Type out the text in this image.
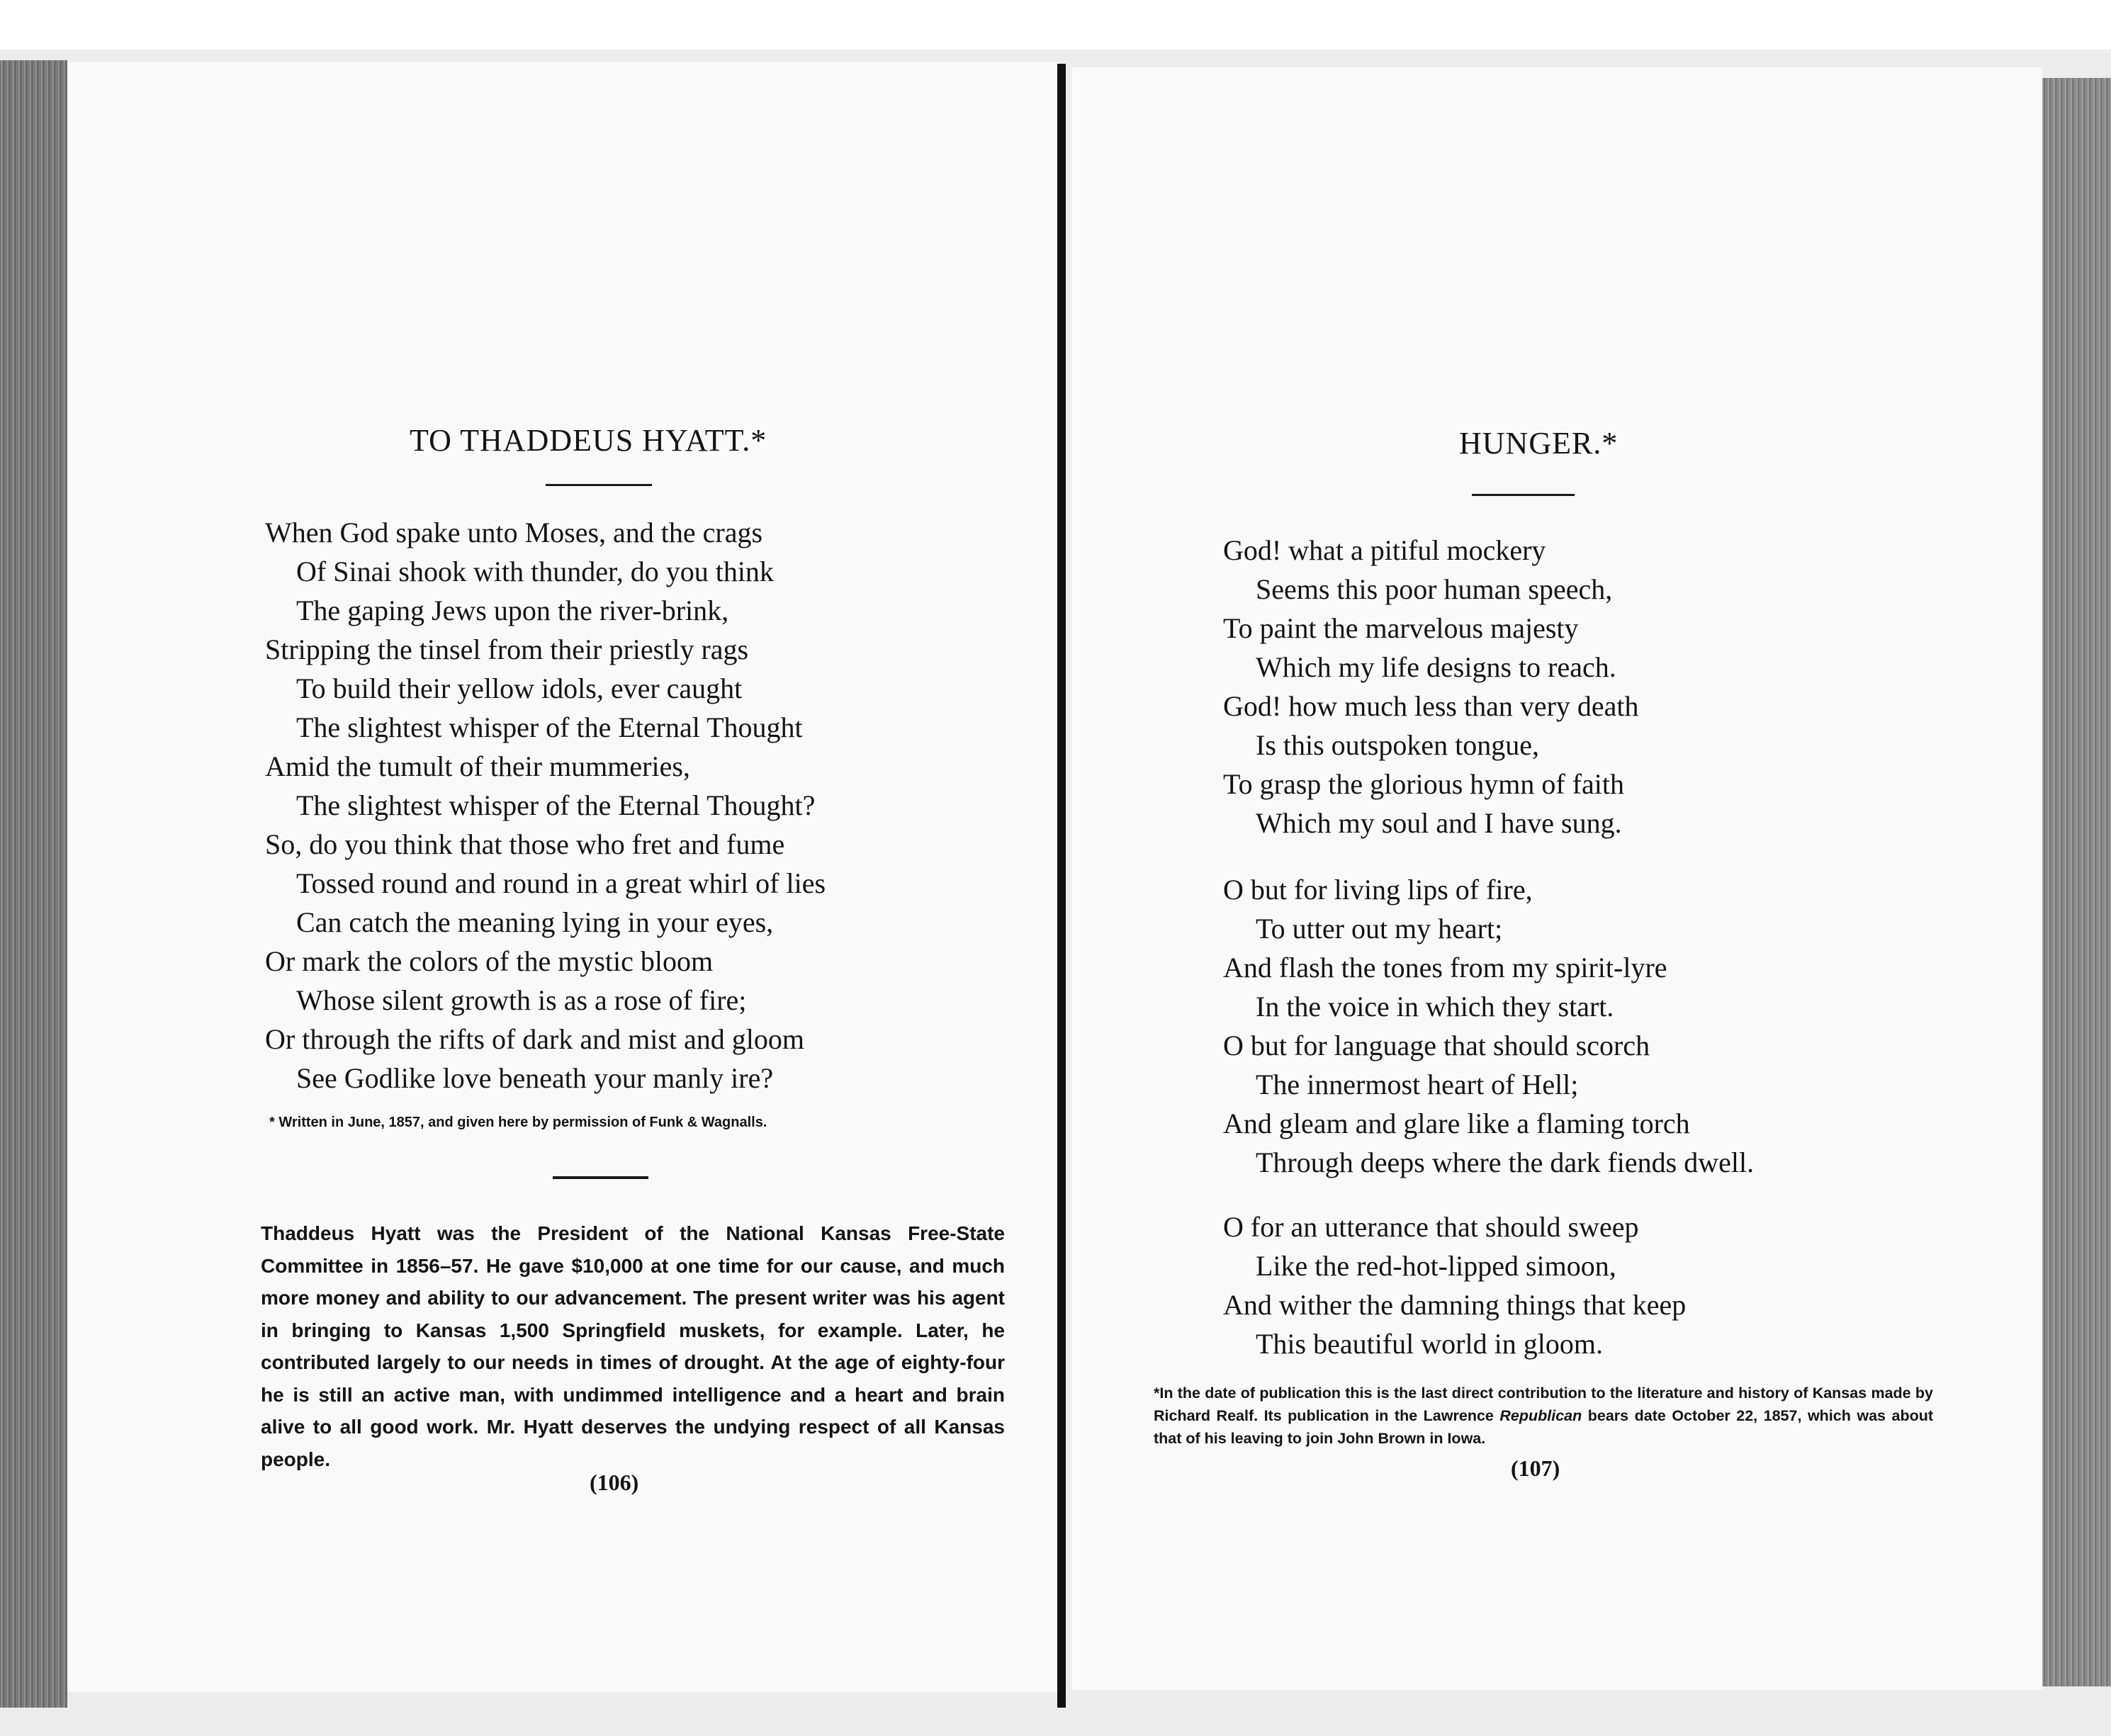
TO THADDEUS HYATT.*

When God spake unto Moses, and the crags

Of Sinai shook with thunder, do you think

The gaping Jews upon the river-brink,

Stripping the tinsel from their priestly rags

To build their yellow idols, ever caught

The slightest whisper of the Eternal Thought

Amid the tumult of their mummeries,

The slightest whisper of the Eternal Thought?

So, do you think that those who fret and fume

Tossed round and round in a great whirl of lies

Can catch the meaning lying in your eyes,

Or mark the colors of the mystic bloom

Whose silent growth is as a rose of fire;

Or through the rifts of dark and mist and gloom

See Godlike love beneath your manly ire?

* Written in June, 1857, and given here by permission of Funk & Wagnalls.

Thaddeus Hyatt was the President of the National Kansas Free-State Committee in 1856–57. He gave $10,000 at one time for our cause, and much more money and ability to our advancement. The present writer was his agent in bringing to Kansas 1,500 Springfield muskets, for example. Later, he contributed largely to our needs in times of drought. At the age of eighty-four he is still an active man, with undimmed intelligence and a heart and brain alive to all good work. Mr. Hyatt deserves the undying respect of all Kansas people.

(106)

HUNGER.*

God! what a pitiful mockery

Seems this poor human speech,

To paint the marvelous majesty

Which my life designs to reach.

God! how much less than very death

Is this outspoken tongue,

To grasp the glorious hymn of faith

Which my soul and I have sung.

O but for living lips of fire,

To utter out my heart;

And flash the tones from my spirit-lyre

In the voice in which they start.

O but for language that should scorch

The innermost heart of Hell;

And gleam and glare like a flaming torch

Through deeps where the dark fiends dwell.

O for an utterance that should sweep

Like the red-hot-lipped simoon,

And wither the damning things that keep

This beautiful world in gloom.

*In the date of publication this is the last direct contribution to the literature and history of Kansas made by Richard Realf. Its publication in the Lawrence Republican bears date October 22, 1857, which was about that of his leaving to join John Brown in Iowa.

(107)
